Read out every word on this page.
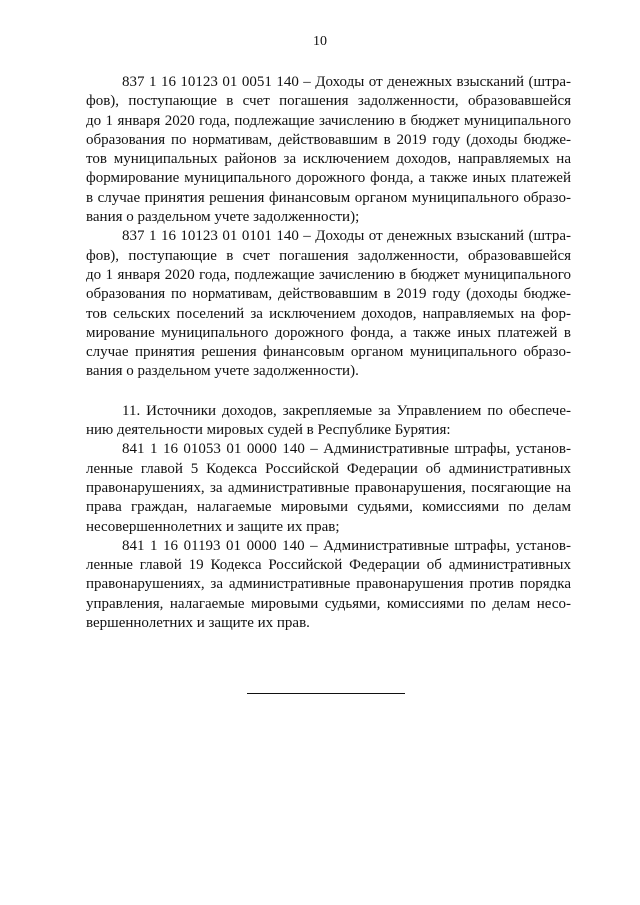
10
837 1 16 10123 01 0051 140 – Доходы от денежных взысканий (штра-
фов), поступающие в счет погашения задолженности, образовавшейся
до 1 января 2020 года, подлежащие зачислению в бюджет муниципального
образования по нормативам, действовавшим в 2019 году (доходы бюдже-
тов муниципальных районов за исключением доходов, направляемых на
формирование муниципального дорожного фонда, а также иных платежей
в случае принятия решения финансовым органом муниципального образо-
вания о раздельном учете задолженности);
837 1 16 10123 01 0101 140 – Доходы от денежных взысканий (штра-
фов), поступающие в счет погашения задолженности, образовавшейся
до 1 января 2020 года, подлежащие зачислению в бюджет муниципального
образования по нормативам, действовавшим в 2019 году (доходы бюдже-
тов сельских поселений за исключением доходов, направляемых на фор-
мирование муниципального дорожного фонда, а также иных платежей в
случае принятия решения финансовым органом муниципального образо-
вания о раздельном учете задолженности).
11. Источники доходов, закрепляемые за Управлением по обеспече-
нию деятельности мировых судей в Республике Бурятия:
841 1 16 01053 01 0000 140 – Административные штрафы, установ-
ленные главой 5 Кодекса Российской Федерации об административных
правонарушениях, за административные правонарушения, посягающие на
права граждан, налагаемые мировыми судьями, комиссиями по делам
несовершеннолетних и защите их прав;
841 1 16 01193 01 0000 140 – Административные штрафы, установ-
ленные главой 19 Кодекса Российской Федерации об административных
правонарушениях, за административные правонарушения против порядка
управления, налагаемые мировыми судьями, комиссиями по делам несо-
вершеннолетних и защите их прав.
